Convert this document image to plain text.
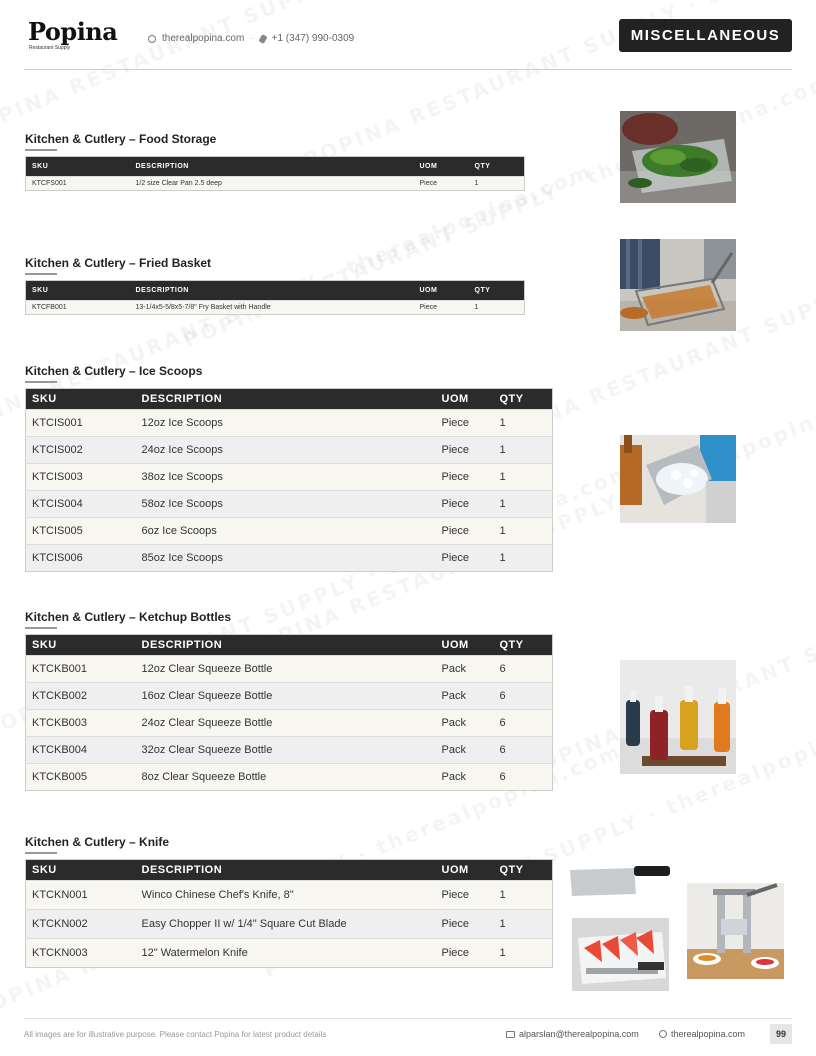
Popina
Restaurant Supply
therealpopina.com · +1 (347) 990-0309	MISCELLANEOUS
Kitchen & Cutlery – Food Storage
SKU	DESCRIPTION	UOM	QTY
KTCFS001	1/2 size Clear Pan 2.5 deep	Piece	1
Kitchen & Cutlery – Fried Basket
SKU	DESCRIPTION	UOM	QTY
KTCFB001	13-1/4x5-5/8x5-7/8" Fry Basket with Handle	Piece	1
Kitchen & Cutlery – Ice Scoops
SKU	DESCRIPTION	UOM	QTY
KTCIS001	12oz Ice Scoops	Piece	1
KTCIS002	24oz Ice Scoops	Piece	1
KTCIS003	38oz Ice Scoops	Piece	1
KTCIS004	58oz Ice Scoops	Piece	1
KTCIS005	6oz Ice Scoops	Piece	1
KTCIS006	85oz Ice Scoops	Piece	1
Kitchen & Cutlery – Ketchup Bottles
SKU	DESCRIPTION	UOM	QTY
KTCKB001	12oz Clear Squeeze Bottle	Pack	6
KTCKB002	16oz Clear Squeeze Bottle	Pack	6
KTCKB003	24oz Clear Squeeze Bottle	Pack	6
KTCKB004	32oz Clear Squeeze Bottle	Pack	6
KTCKB005	8oz Clear Squeeze Bottle	Pack	6
Kitchen & Cutlery – Knife
SKU	DESCRIPTION	UOM	QTY
KTCKN001	Winco Chinese Chef's Knife, 8"	Piece	1
KTCKN002	Easy Chopper II w/ 1/4" Square Cut Blade	Piece	1
KTCKN003	12" Watermelon Knife	Piece	1
All images are for illustrative purpose. Please contact Popina for latest product details	alparslan@therealpopina.com	therealpopina.com	99
